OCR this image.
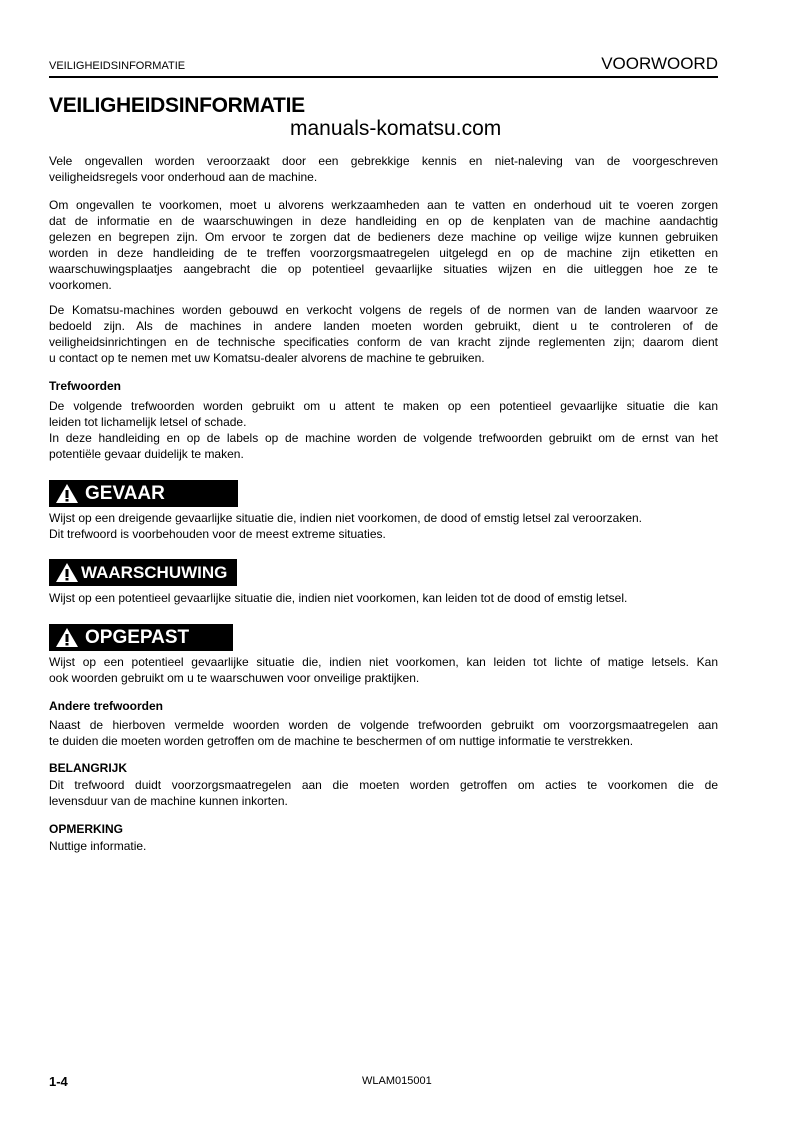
VEILIGHEIDSINFORMATIE	VOORWOORD
VEILIGHEIDSINFORMATIE
manuals-komatsu.com
Vele ongevallen worden veroorzaakt door een gebrekkige kennis en niet-naleving van de voorgeschreven
veiligheidsregels voor onderhoud aan de machine.
Om ongevallen te voorkomen, moet u alvorens werkzaamheden aan te vatten en onderhoud uit te voeren zorgen
dat de informatie en de waarschuwingen in deze handleiding en op de kenplaten van de machine aandachtig
gelezen en begrepen zijn. Om ervoor te zorgen dat de bedieners deze machine op veilige wijze kunnen gebruiken
worden in deze handleiding de te treffen voorzorgsmaatregelen uitgelegd en op de machine zijn etiketten en
waarschuwingsplaatjes aangebracht die op potentieel gevaarlijke situaties wijzen en die uitleggen hoe ze te
voorkomen.
De Komatsu-machines worden gebouwd en verkocht volgens de regels of de normen van de landen waarvoor ze
bedoeld zijn. Als de machines in andere landen moeten worden gebruikt, dient u te controleren of de
veiligheidsinrichtingen en de technische specificaties conform de van kracht zijnde reglementen zijn; daarom dient
u contact op te nemen met uw Komatsu-dealer alvorens de machine te gebruiken.
Trefwoorden
De volgende trefwoorden worden gebruikt om u attent te maken op een potentieel gevaarlijke situatie die kan
leiden tot lichamelijk letsel of schade.
In deze handleiding en op de labels op de machine worden de volgende trefwoorden gebruikt om de ernst van het
potentiële gevaar duidelijk te maken.
GEVAAR
Wijst op een dreigende gevaarlijke situatie die, indien niet voorkomen, de dood of emstig letsel zal veroorzaken.
Dit trefwoord is voorbehouden voor de meest extreme situaties.
WAARSCHUWING
Wijst op een potentieel gevaarlijke situatie die, indien niet voorkomen, kan leiden tot de dood of emstig letsel.
OPGEPAST
Wijst op een potentieel gevaarlijke situatie die, indien niet voorkomen, kan leiden tot lichte of matige letsels. Kan
ook woorden gebruikt om u te waarschuwen voor onveilige praktijken.
Andere trefwoorden
Naast de hierboven vermelde woorden worden de volgende trefwoorden gebruikt om voorzorgsmaatregelen aan
te duiden die moeten worden getroffen om de machine te beschermen of om nuttige informatie te verstrekken.
BELANGRIJK
Dit trefwoord duidt voorzorgsmaatregelen aan die moeten worden getroffen om acties te voorkomen die de
levensduur van de machine kunnen inkorten.
OPMERKING
Nuttige informatie.
1-4	WLAM015001
